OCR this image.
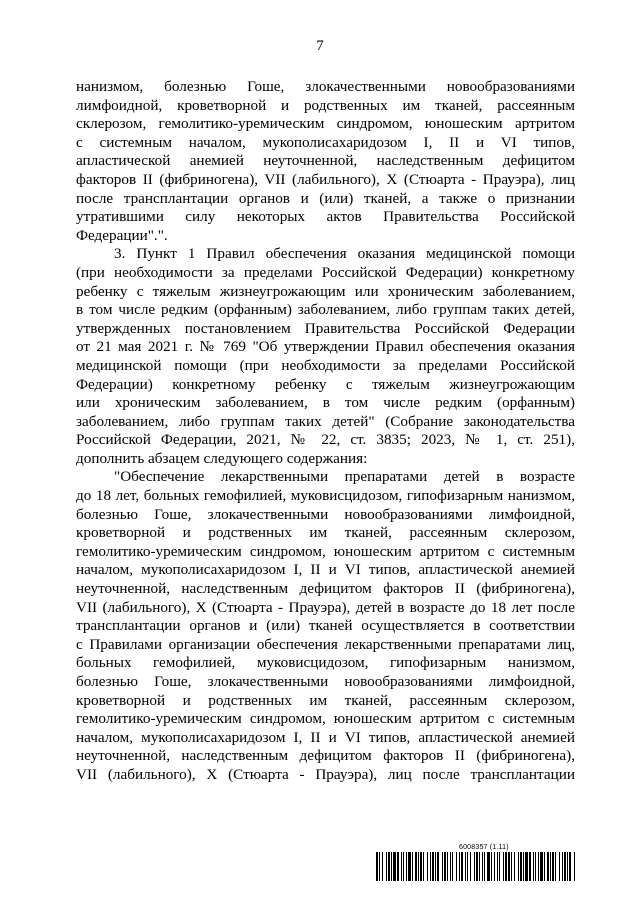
7
нанизмом, болезнью Гоше, злокачественными новообразованиями
лимфоидной, кроветворной и родственных им тканей, рассеянным
склерозом, гемолитико-уремическим синдромом, юношеским артритом
с системным началом, мукополисахаридозом I, II и VI типов,
апластической анемией неуточненной, наследственным дефицитом
факторов II (фибриногена), VII (лабильного), X (Стюарта - Прауэра), лиц
после трансплантации органов и (или) тканей, а также о признании
утратившими силу некоторых актов Правительства Российской
Федерации".".
3. Пункт 1 Правил обеспечения оказания медицинской помощи
(при необходимости за пределами Российской Федерации) конкретному
ребенку с тяжелым жизнеугрожающим или хроническим заболеванием,
в том числе редким (орфанным) заболеванием, либо группам таких детей,
утвержденных постановлением Правительства Российской Федерации
от 21 мая 2021 г. № 769 "Об утверждении Правил обеспечения оказания
медицинской помощи (при необходимости за пределами Российской
Федерации) конкретному ребенку с тяжелым жизнеугрожающим
или хроническим заболеванием, в том числе редким (орфанным)
заболеванием, либо группам таких детей" (Собрание законодательства
Российской Федерации, 2021, № 22, ст. 3835; 2023, № 1, ст. 251),
дополнить абзацем следующего содержания:
"Обеспечение лекарственными препаратами детей в возрасте
до 18 лет, больных гемофилией, муковисцидозом, гипофизарным нанизмом,
болезнью Гоше, злокачественными новообразованиями лимфоидной,
кроветворной и родственных им тканей, рассеянным склерозом,
гемолитико-уремическим синдромом, юношеским артритом с системным
началом, мукополисахаридозом I, II и VI типов, апластической анемией
неуточненной, наследственным дефицитом факторов II (фибриногена),
VII (лабильного), X (Стюарта - Прауэра), детей в возрасте до 18 лет после
трансплантации органов и (или) тканей осуществляется в соответствии
с Правилами организации обеспечения лекарственными препаратами лиц,
больных гемофилией, муковисцидозом, гипофизарным нанизмом,
болезнью Гоше, злокачественными новообразованиями лимфоидной,
кроветворной и родственных им тканей, рассеянным склерозом,
гемолитико-уремическим синдромом, юношеским артритом с системным
началом, мукополисахаридозом I, II и VI типов, апластической анемией
неуточненной, наследственным дефицитом факторов II (фибриногена),
VII (лабильного), X (Стюарта - Прауэра), лиц после трансплантации
6008357 (1.11)
